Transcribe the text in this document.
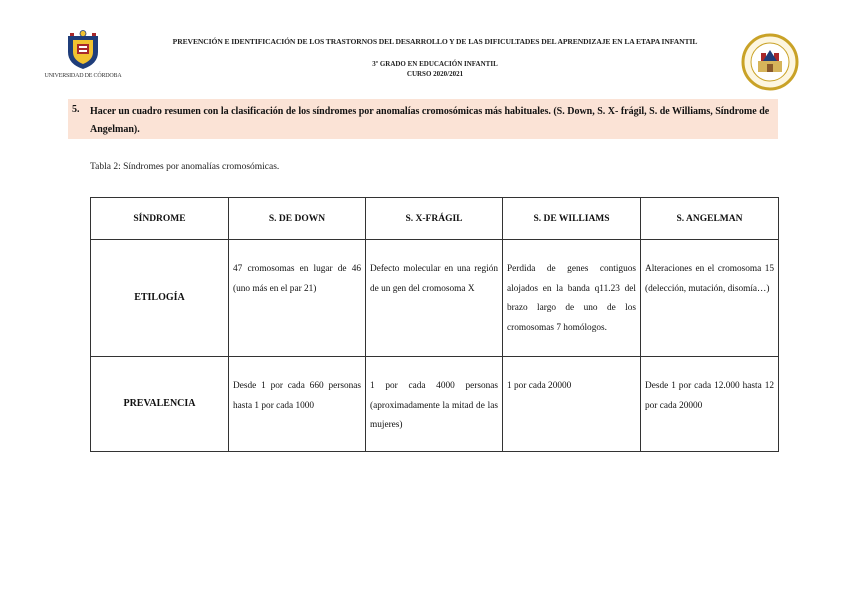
UNIVERSIDAD DE CÓRDOBA
PREVENCIÓN E IDENTIFICACIÓN DE LOS TRASTORNOS DEL DESARROLLO Y DE LAS DIFICULTADES DEL APRENDIZAJE EN LA ETAPA INFANTIL
3º GRADO EN EDUCACIÓN INFANTIL
CURSO 2020/2021
5. Hacer un cuadro resumen con la clasificación de los síndromes por anomalías cromosómicas más habituales. (S. Down, S. X- frágil, S. de Williams, Síndrome de Angelman).
Tabla 2: Síndromes por anomalías cromosómicas.
SÍNDROME	S. DE DOWN	S. X-FRÁGIL	S. DE WILLIAMS	S. ANGELMAN
ETILOGÍA	47 cromosomas en lugar de 46 (uno más en el par 21)	Defecto molecular en una región de un gen del cromosoma X	Perdida de genes contiguos alojados en la banda q11.23 del brazo largo de uno de los cromosomas 7 homólogos.	Alteraciones en el cromosoma 15 (delección, mutación, disomía…)
PREVALENCIA	Desde 1 por cada 660 personas hasta 1 por cada 1000	1 por cada 4000 personas (aproximadamente la mitad de las mujeres)	1 por cada 20000	Desde 1 por cada 12.000 hasta 12 por cada 20000
